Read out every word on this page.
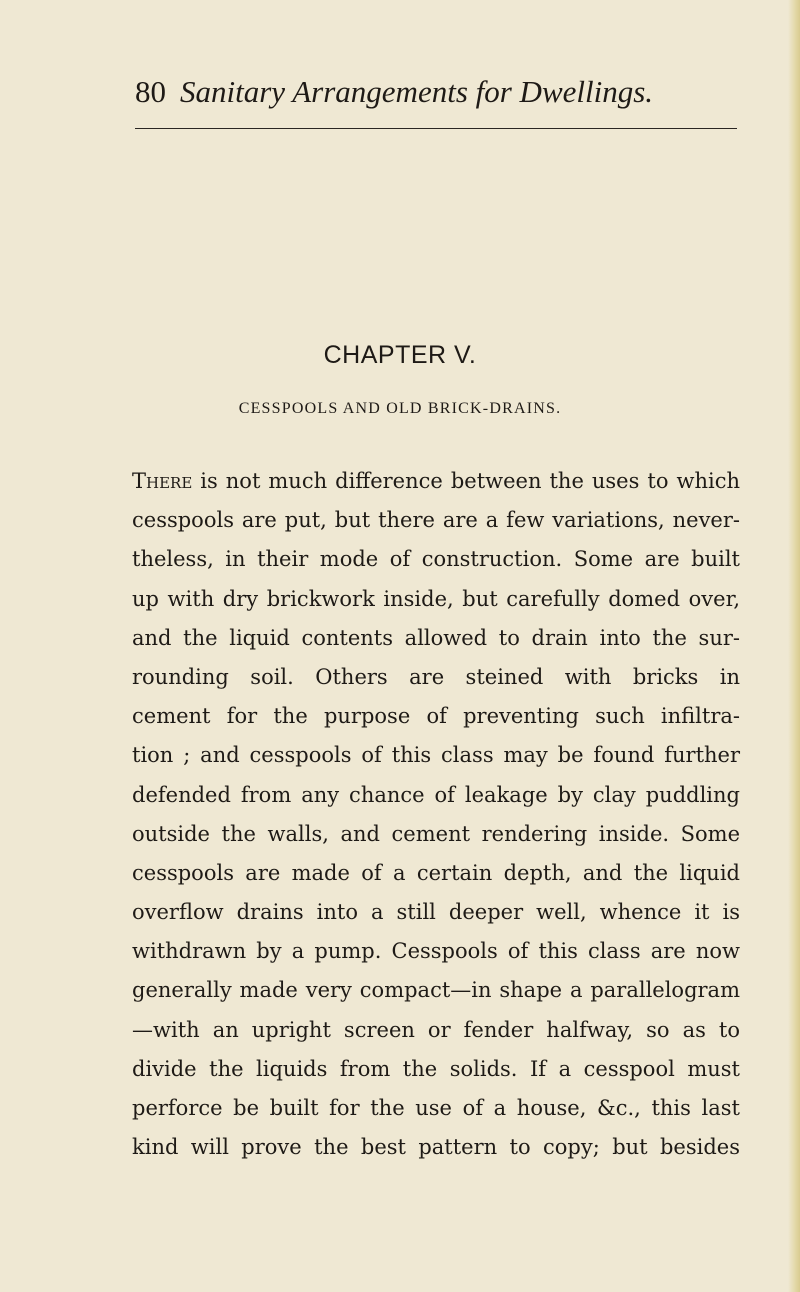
80 Sanitary Arrangements for Dwellings.
CHAPTER V.
CESSPOOLS AND OLD BRICK-DRAINS.
There is not much difference between the uses to which
cesspools are put, but there are a few variations, never-
theless, in their mode of construction. Some are built
up with dry brickwork inside, but carefully domed over,
and the liquid contents allowed to drain into the sur-
rounding soil. Others are steined with bricks in
cement for the purpose of preventing such infiltra-
tion ; and cesspools of this class may be found further
defended from any chance of leakage by clay puddling
outside the walls, and cement rendering inside. Some
cesspools are made of a certain depth, and the liquid
overflow drains into a still deeper well, whence it is
withdrawn by a pump. Cesspools of this class are now
generally made very compact—in shape a parallelogram
—with an upright screen or fender halfway, so as to
divide the liquids from the solids. If a cesspool must
perforce be built for the use of a house, &c., this last
kind will prove the best pattern to copy; but besides
